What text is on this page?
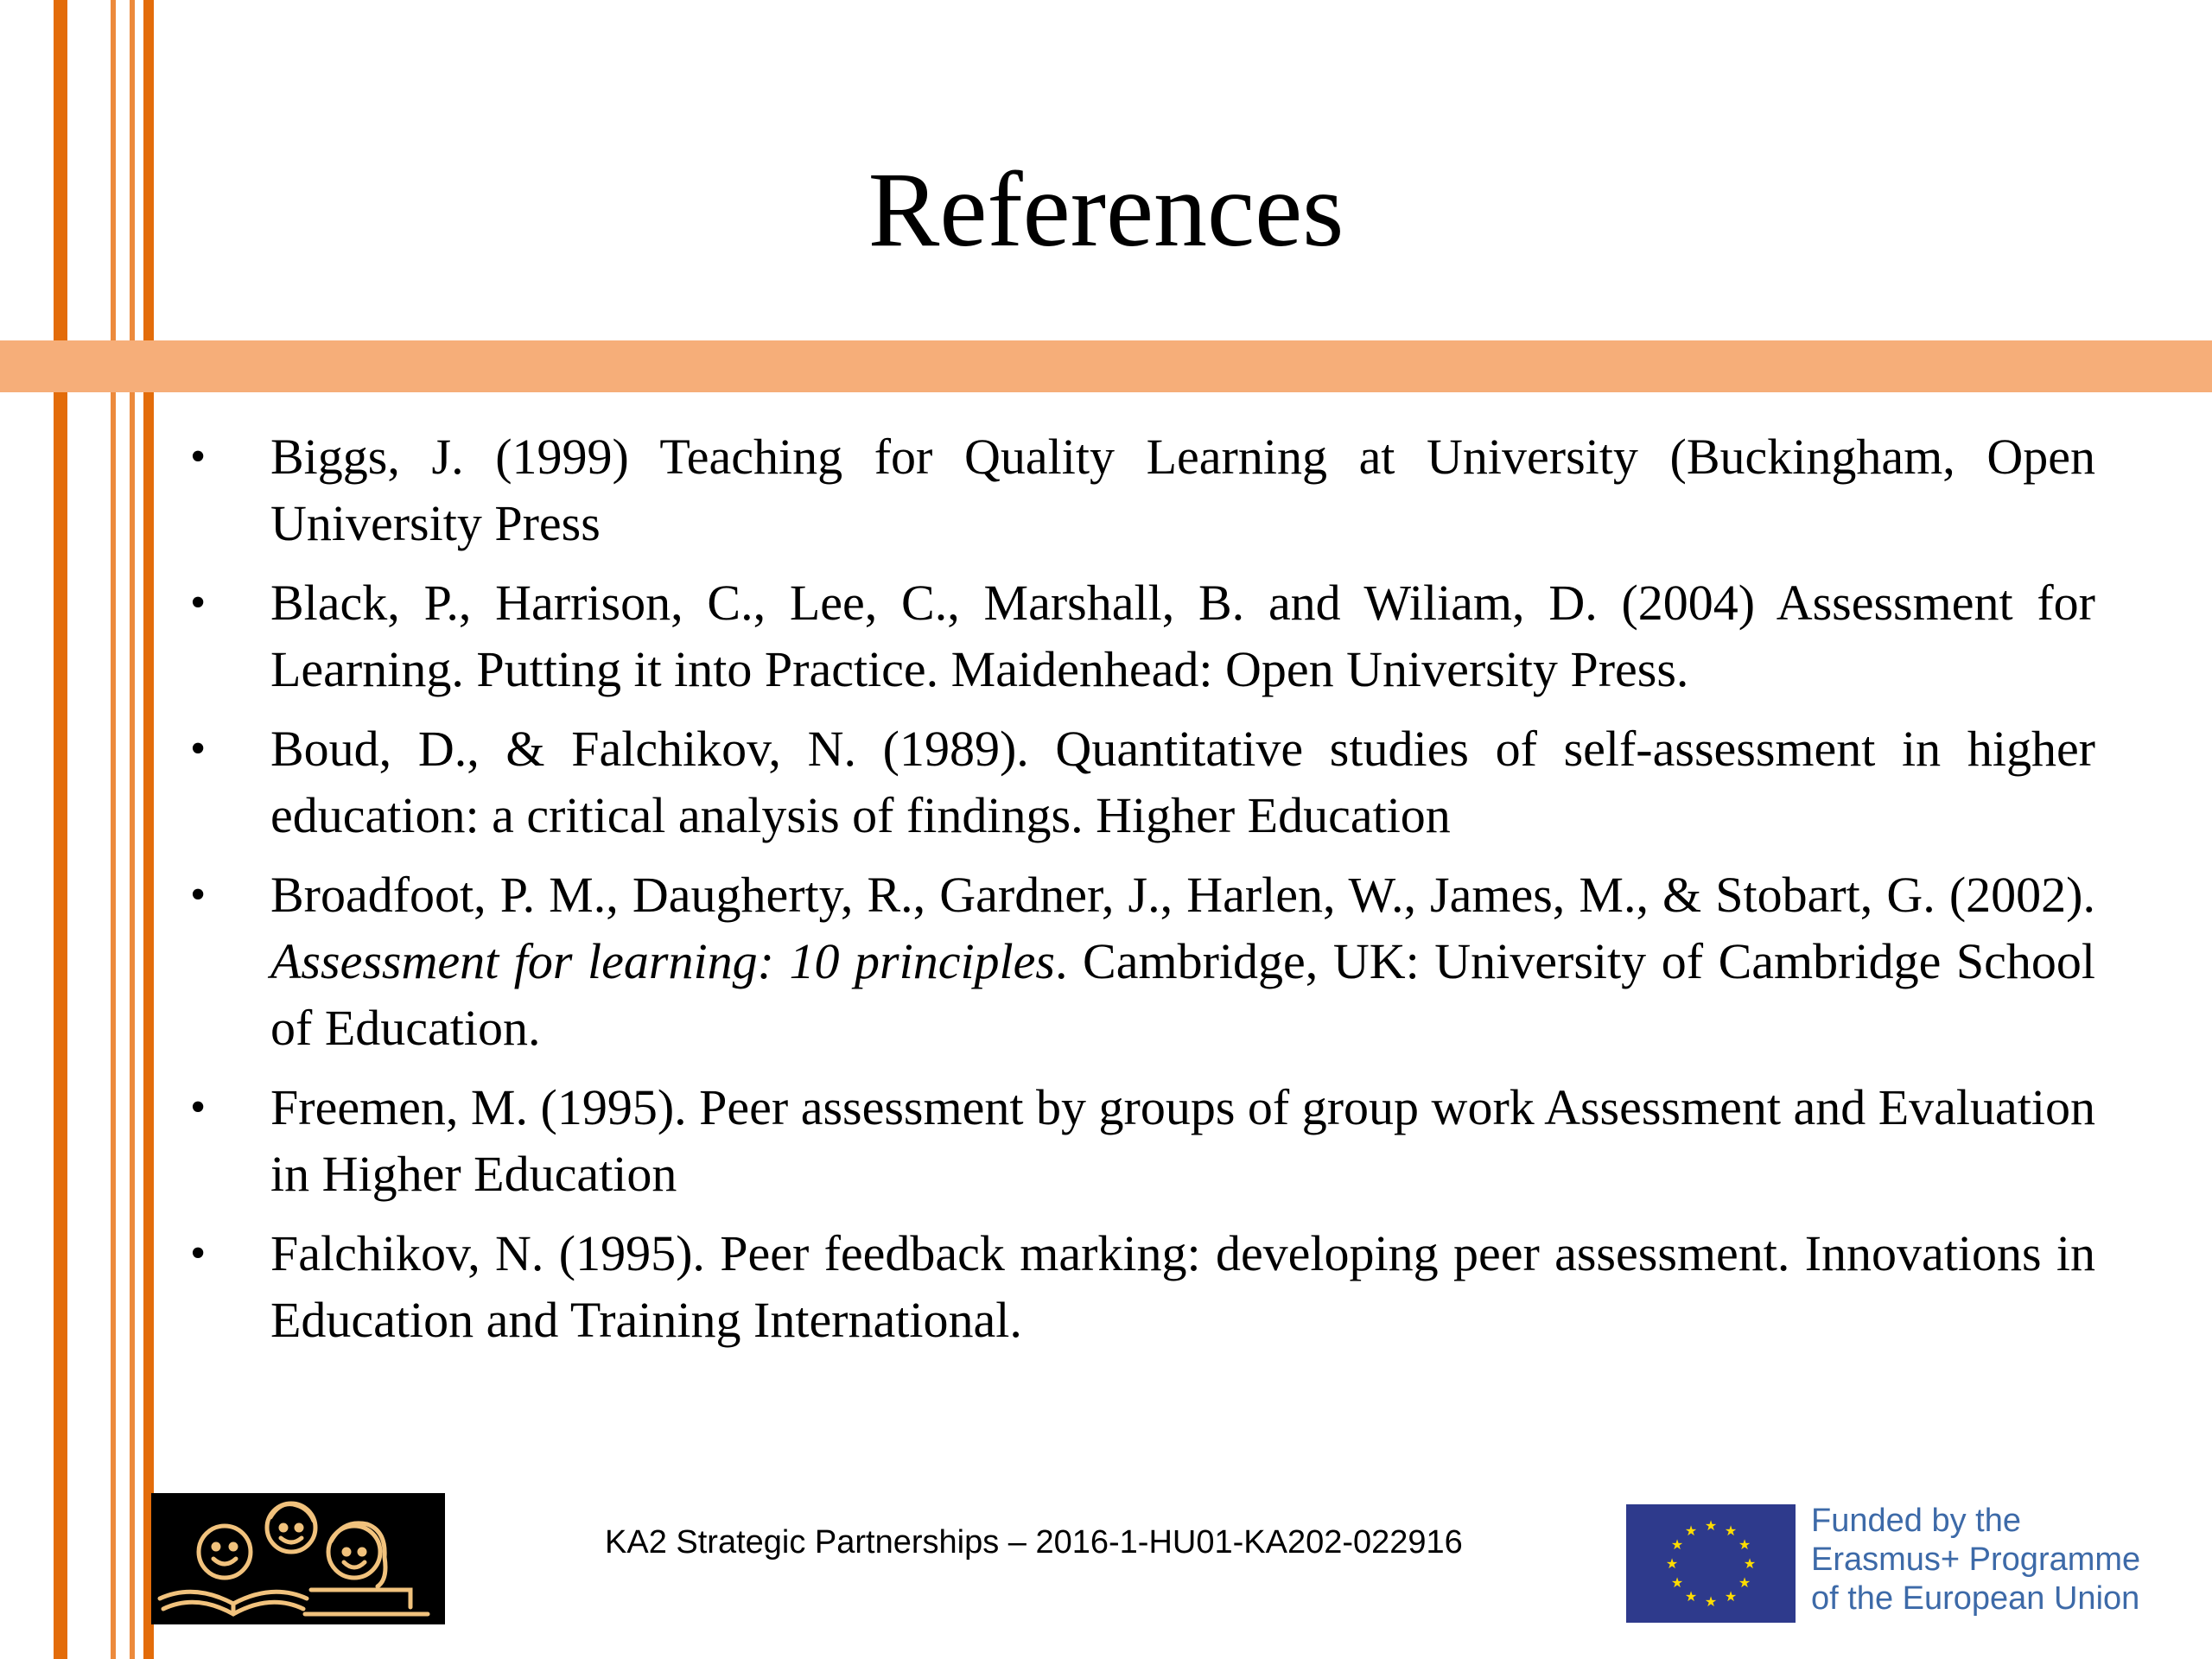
References
• Biggs, J. (1999) Teaching for Quality Learning at University (Buckingham, Open University Press
• Black, P., Harrison, C., Lee, C., Marshall, B. and Wiliam, D. (2004) Assessment for Learning. Putting it into Practice. Maidenhead: Open University Press.
• Boud, D., & Falchikov, N. (1989). Quantitative studies of self-assessment in higher education: a critical analysis of findings. Higher Education
• Broadfoot, P. M., Daugherty, R., Gardner, J., Harlen, W., James, M., & Stobart, G. (2002). Assessment for learning: 10 principles. Cambridge, UK: University of Cambridge School of Education.
• Freemen, M. (1995). Peer assessment by groups of group work Assessment and Evaluation in Higher Education
• Falchikov, N. (1995). Peer feedback marking: developing peer assessment. Innovations in Education and Training International.
KA2 Strategic Partnerships – 2016-1-HU01-KA202-022916	★ ★
★
★
★
★
★
★
★
★
★
★	Funded by the
Erasmus+ Programme
of the European Union
